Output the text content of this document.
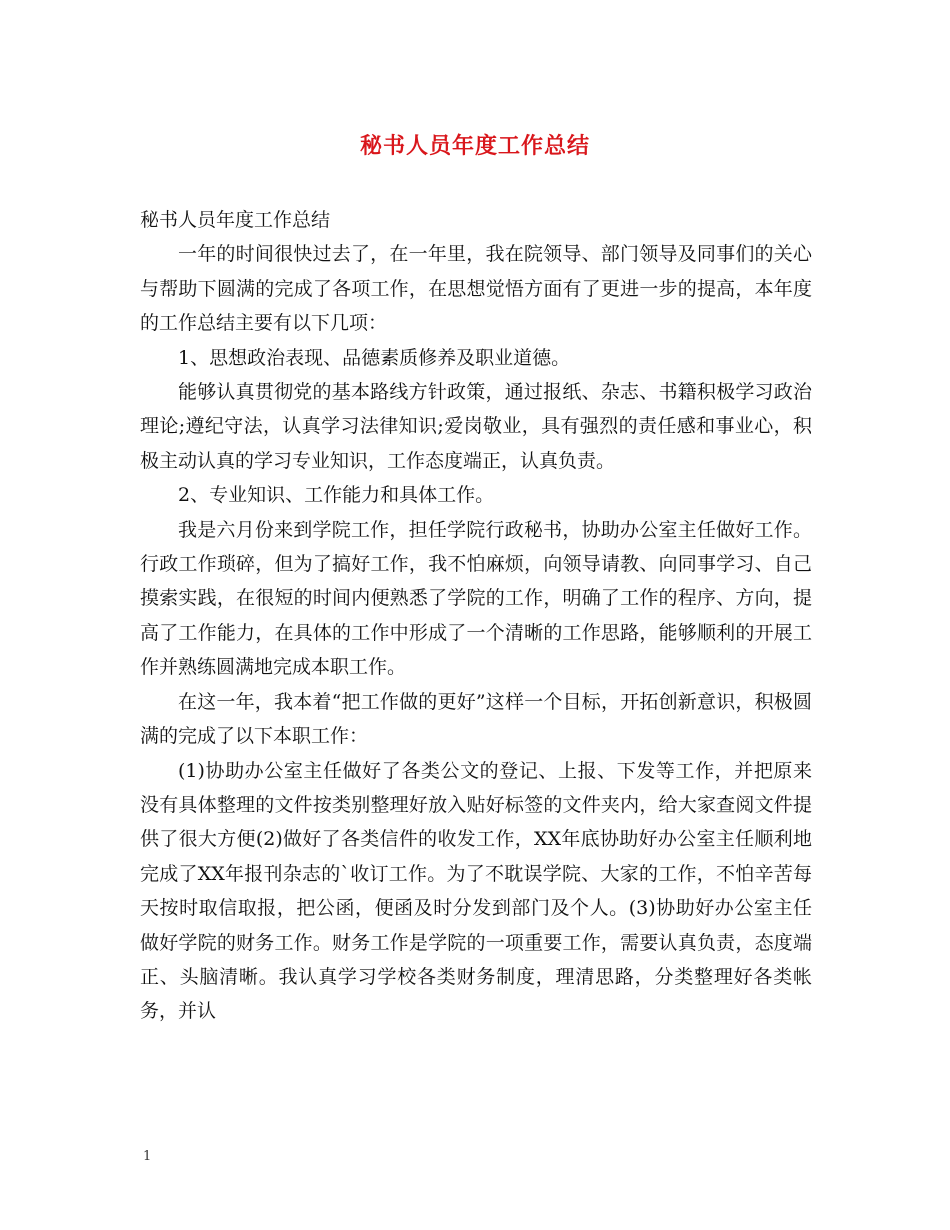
秘书人员年度工作总结

秘书人员年度工作总结

一年的时间很快过去了，在一年里，我在院领导、部门领导及同事们的关心与帮助下圆满的完成了各项工作，在思想觉悟方面有了更进一步的提高，本年度的工作总结主要有以下几项：

1、思想政治表现、品德素质修养及职业道德。

能够认真贯彻党的基本路线方针政策，通过报纸、杂志、书籍积极学习政治理论;遵纪守法，认真学习法律知识;爱岗敬业，具有强烈的责任感和事业心，积极主动认真的学习专业知识，工作态度端正，认真负责。

2、专业知识、工作能力和具体工作。

我是六月份来到学院工作，担任学院行政秘书，协助办公室主任做好工作。行政工作琐碎，但为了搞好工作，我不怕麻烦，向领导请教、向同事学习、自己摸索实践，在很短的时间内便熟悉了学院的工作，明确了工作的程序、方向，提高了工作能力，在具体的工作中形成了一个清晰的工作思路，能够顺利的开展工作并熟练圆满地完成本职工作。

在这一年，我本着“把工作做的更好”这样一个目标，开拓创新意识，积极圆满的完成了以下本职工作：

(1)协助办公室主任做好了各类公文的登记、上报、下发等工作，并把原来没有具体整理的文件按类别整理好放入贴好标签的文件夹内，给大家查阅文件提供了很大方便(2)做好了各类信件的收发工作，XX年底协助好办公室主任顺利地完成了XX年报刊杂志的`收订工作。为了不耽误学院、大家的工作，不怕辛苦每天按时取信取报，把公函，便函及时分发到部门及个人。(3)协助好办公室主任做好学院的财务工作。财务工作是学院的一项重要工作，需要认真负责，态度端正、头脑清晰。我认真学习学校各类财务制度，理清思路，分类整理好各类帐务，并认

1
